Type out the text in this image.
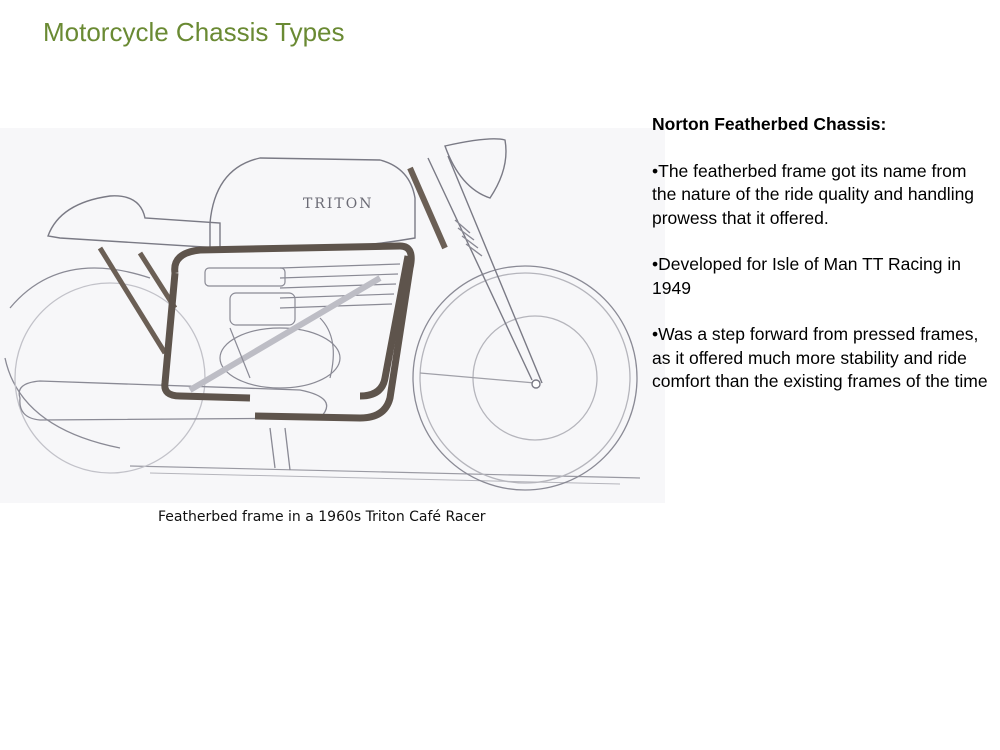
Motorcycle Chassis Types
TRITON
Featherbed frame in a 1960s Triton Café Racer
Norton Featherbed Chassis:
•The featherbed frame got its name from the nature of the ride quality and handling prowess that it offered.
•Developed for Isle of Man TT Racing in 1949
•Was a step forward from pressed frames, as it offered much more stability and ride comfort than the existing frames of the time
